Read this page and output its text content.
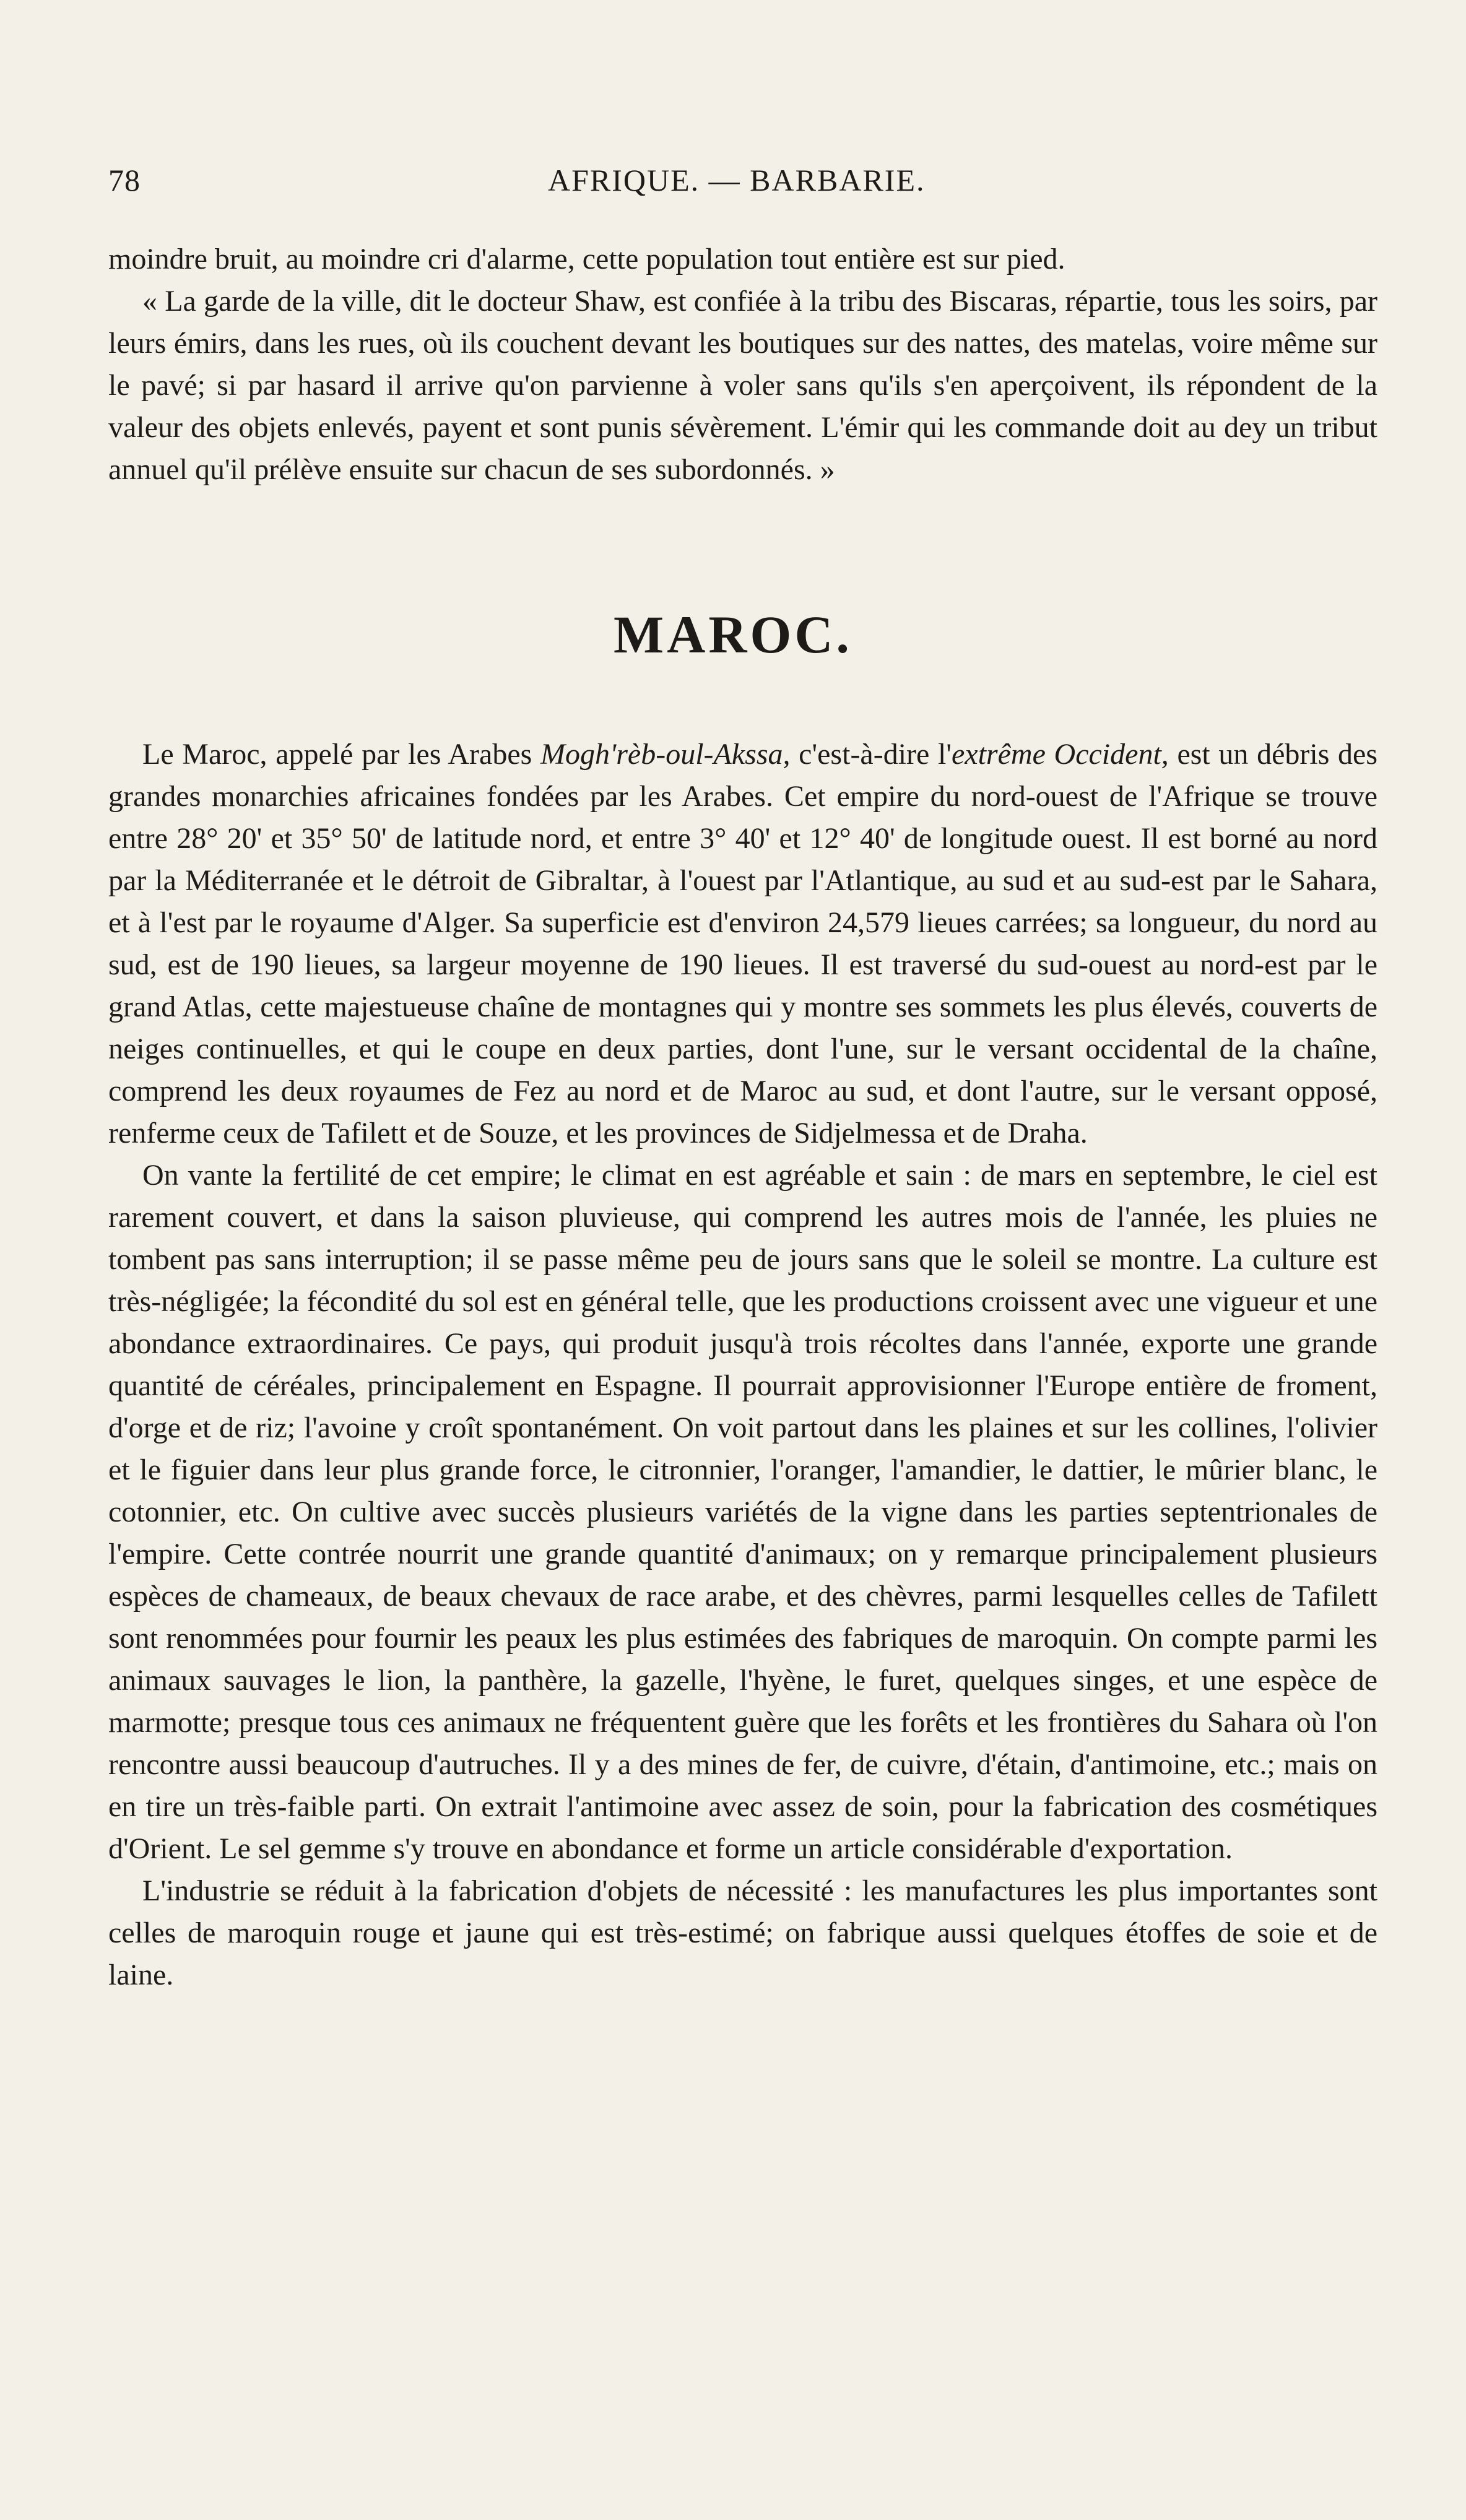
78	AFRIQUE. — BARBARIE.

moindre bruit, au moindre cri d'alarme, cette population tout entière est sur pied.

« La garde de la ville, dit le docteur Shaw, est confiée à la tribu des Biscaras, répartie, tous les soirs, par leurs émirs, dans les rues, où ils couchent devant les boutiques sur des nattes, des matelas, voire même sur le pavé; si par hasard il arrive qu'on parvienne à voler sans qu'ils s'en aperçoivent, ils répondent de la valeur des objets enlevés, payent et sont punis sévèrement. L'émir qui les commande doit au dey un tribut annuel qu'il prélève ensuite sur chacun de ses subordonnés. »

MAROC.

Le Maroc, appelé par les Arabes Mogh'rèb-oul-Akssa, c'est-à-dire l'extrême Occident, est un débris des grandes monarchies africaines fondées par les Arabes. Cet empire du nord-ouest de l'Afrique se trouve entre 28° 20' et 35° 50' de latitude nord, et entre 3° 40' et 12° 40' de longitude ouest. Il est borné au nord par la Méditerranée et le détroit de Gibraltar, à l'ouest par l'Atlantique, au sud et au sud-est par le Sahara, et à l'est par le royaume d'Alger. Sa superficie est d'environ 24,579 lieues carrées; sa longueur, du nord au sud, est de 190 lieues, sa largeur moyenne de 190 lieues. Il est traversé du sud-ouest au nord-est par le grand Atlas, cette majestueuse chaîne de montagnes qui y montre ses sommets les plus élevés, couverts de neiges continuelles, et qui le coupe en deux parties, dont l'une, sur le versant occidental de la chaîne, comprend les deux royaumes de Fez au nord et de Maroc au sud, et dont l'autre, sur le versant opposé, renferme ceux de Tafilett et de Souze, et les provinces de Sidjelmessa et de Draha.

On vante la fertilité de cet empire; le climat en est agréable et sain : de mars en septembre, le ciel est rarement couvert, et dans la saison pluvieuse, qui comprend les autres mois de l'année, les pluies ne tombent pas sans interruption; il se passe même peu de jours sans que le soleil se montre. La culture est très-négligée; la fécondité du sol est en général telle, que les productions croissent avec une vigueur et une abondance extraordinaires. Ce pays, qui produit jusqu'à trois récoltes dans l'année, exporte une grande quantité de céréales, principalement en Espagne. Il pourrait approvisionner l'Europe entière de froment, d'orge et de riz; l'avoine y croît spontanément. On voit partout dans les plaines et sur les collines, l'olivier et le figuier dans leur plus grande force, le citronnier, l'oranger, l'amandier, le dattier, le mûrier blanc, le cotonnier, etc. On cultive avec succès plusieurs variétés de la vigne dans les parties septentrionales de l'empire. Cette contrée nourrit une grande quantité d'animaux; on y remarque principalement plusieurs espèces de chameaux, de beaux chevaux de race arabe, et des chèvres, parmi lesquelles celles de Tafilett sont renommées pour fournir les peaux les plus estimées des fabriques de maroquin. On compte parmi les animaux sauvages le lion, la panthère, la gazelle, l'hyène, le furet, quelques singes, et une espèce de marmotte; presque tous ces animaux ne fréquentent guère que les forêts et les frontières du Sahara où l'on rencontre aussi beaucoup d'autruches. Il y a des mines de fer, de cuivre, d'étain, d'antimoine, etc.; mais on en tire un très-faible parti. On extrait l'antimoine avec assez de soin, pour la fabrication des cosmétiques d'Orient. Le sel gemme s'y trouve en abondance et forme un article considérable d'exportation.

L'industrie se réduit à la fabrication d'objets de nécessité : les manufactures les plus importantes sont celles de maroquin rouge et jaune qui est très-estimé; on fabrique aussi quelques étoffes de soie et de laine.
